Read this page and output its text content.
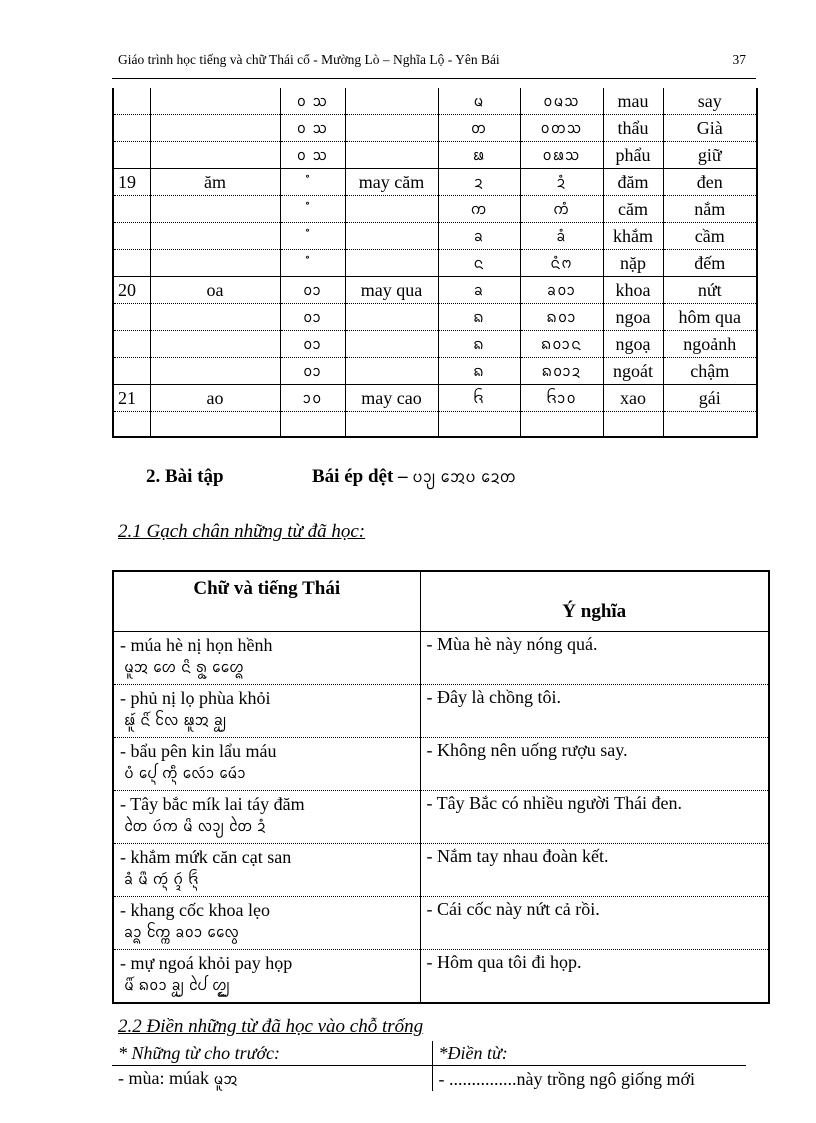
Giáo trình học tiếng và chữ Thái cổ - Mường Lò – Nghĩa Lộ - Yên Bái	37
		ᩅ ᩈ		ᨾ	ᩅᨾᩈ	mau	say
		ᩅ ᩈ		ᨲ	ᩅᨲᩈ	thẩu	Già
		ᩅ ᩈ		ᨹ	ᩅᨹᩈ	phẩu	giữ
19	ăm	ᩴ	may căm	ᨯ	ᨯᩴ	đăm	đen
		ᩴ		ᨠ	ᨠᩴ	căm	nắm
		ᩴ		ᨡ	ᨡᩴ	khắm	cầm
		ᩴ		ᨶ	ᨶᩴᨻ	nặp	đếm
20	oa	ᩅᩣ	may qua	ᨡ	ᨡᩅᩣ	khoa	nứt
		ᩅᩣ		ᨦ	ᨦᩅᩣ	ngoa	hôm qua
		ᩅᩣ		ᨦ	ᨦᩅᩣᨶ	ngoạ	ngoảnh
		ᩅᩣ		ᨦ	ᨦᩅᩣᨯ	ngoát	chậm
21	ao	ᩣᩅ	may cao	ᨪ	ᨪᩣᩅ	xao	gái

2. Bài tập	Bái ép dệt – ᨷᩣ᩠ᨿ ᩋᩮᨷ ᨯᩮᨲ
2.1 Gạch chân những từ đã học:
Chữ và tiếng Thái	Ý nghĩa

- múa hè nị họn hềnh
ᨾᩪᩋ ᩉᩮ ᨶᩦ ᩁᩬ᩠ᨶ ᩉᩯ᩠ᨦ	- Mùa hè này nóng quá.

- phủ nị lọ phùa khỏi
ᨹᩪ᩶ ᨶᩦ᩶ ᩃᩰ ᨹᩪᩋ ᨡᩬ᩠ᨿ	- Đây là chồng tôi.

- bẩu pên kin lẩu máu
ᨷᩴ ᨸᩮ᩠ᨶ ᨠᩥ᩠ᨶ ᩃᩮᩢᩣ ᨾᩮᩢᩣ	- Không nên uống rượu say.

- Tây bắc mík lai táy đăm
ᨲᩱ ᨷᩢᨠ ᨾᩦ ᩃᩣ᩠ᨿ ᨲᩱ ᨯᩴ	- Tây Bắc có nhiều người Thái đen.

- khắm mứk căn cạt san
ᨡᩴ ᨾᩨ ᨠᩢ᩠ᨶ ᨣᩢ᩠ᨯ ᨪᩢ᩠ᨶ	- Nắm tay nhau đoàn kết.

- khang cốc khoa lẹo
ᨡᩣ᩠ᨦ ᨠᩰ᩠ᨠ ᨡᩅᩣ ᩃᩯ᩠ᩅ	- Cái cốc này nứt cả rồi.

- mự ngoá khỏi pay họp
ᨾᩨ᩶ ᨦᩅᩣ ᨡᩬ᩠ᨿ ᨸᩱ ᩉᩬ᩠ᨷ	- Hôm qua tôi đi họp.
2.2 Điền những từ đã học vào chỗ trống
* Những từ cho trước:	*Điền từ:
- mùa: múak ᨾᩪᩋ	- ...............này trồng ngô giống mới
